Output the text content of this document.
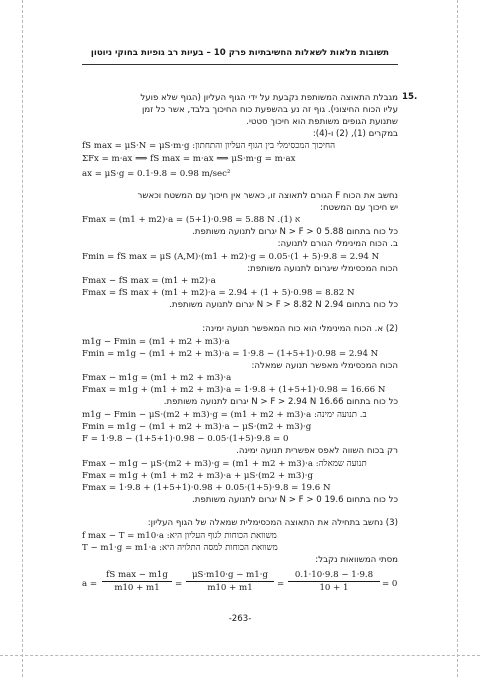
תשובות מלאות לשאלות החשיבתיות פרק 10 – בעיות רב גופיות בחוקי ניוטון
15.
מגבלת התאוצה המשותפת נקבעת על ידי הגוף העליון (הגוף שלא פועל
עליו הכוח החיצוני). גוף זה נע בהשפעת כוח החיכוך בלבד, אשר כל זמן
שתנועת הגופים משותפת הוא חיכוך סטטי.
במקרים (1), (2) ו-(4):
fS max = μS·N = μS·m·g :החיכוך המכסימלי בין הגוף העליון והתחתון
ΣFx = m·ax ⟹ fS max = m·ax ⟹ μS·m·g = m·ax
ax = μS·g = 0.1·9.8 = 0.98 m/sec²
נחשב את הכוח F הגורם לתאוצה זו, כאשר אין חיכוך עם המשטח וכאשר
יש חיכוך עם המשטח:
Fmax = (m1 + m2)·a = (5+1)·0.98 = 5.88 N .א (1)
כל כוח בתחום 5.88 N > F > 0 יגרום לתנועה משותפת.
ב. הכוח המינימלי הגורם לתנועה:
Fmin = fS max = μS (A,M)·(m1 + m2)·g = 0.05·(1 + 5)·9.8 = 2.94 N
הכוח המכסימלי שיגרום לתנועה משותפת:
Fmax − fS max = (m1 + m2)·a
Fmax = fS max + (m1 + m2)·a = 2.94 + (1 + 5)·0.98 = 8.82 N
כל כוח בתחום 2.94 N > F > 8.82 N יגרום לתנועה משותפת.
(2) א. הכוח המינימלי הוא כוח המאפשר תנועה ימינה:
m1g − Fmin = (m1 + m2 + m3)·a
Fmin = m1g − (m1 + m2 + m3)·a = 1·9.8 − (1+5+1)·0.98 = 2.94 N
הכוח המכסימלי מאפשר תנועה שמאלה:
Fmax − m1g = (m1 + m2 + m3)·a
Fmax = m1g + (m1 + m2 + m3)·a = 1·9.8 + (1+5+1)·0.98 = 16.66 N
כל כוח בתחום 16.66 N > F > 2.94 N יגרום לתנועה משותפת.
m1g − Fmin − μS·(m2 + m3)·g = (m1 + m2 + m3)·a :ב. תנועה ימינה
Fmin = m1g − (m1 + m2 + m3)·a − μS·(m2 + m3)·g
F = 1·9.8 − (1+5+1)·0.98 − 0.05·(1+5)·9.8 = 0
רק בכוח השווה לאפס אפשרית תנועה ימינה.
Fmax − m1g − μS·(m2 + m3)·g = (m1 + m2 + m3)·a :תנועה שמאלה
Fmax = m1g + (m1 + m2 + m3)·a + μS·(m2 + m3)·g
Fmax = 1·9.8 + (1+5+1)·0.98 + 0.05·(1+5)·9.8 = 19.6 N
כל כוח בתחום 19.6 N > F > 0 יגרום לתנועה משותפת.
(3) נחשב בתחילה את התאוצה המכסימלית שמאלה של הגוף העליון:
f max − T = m10·a :משוואת הכוחות לגוף העליון היא
T − m1·g = m1·a :משוואת הכוחות למסה התלויה היא
מסתי המשוואות נקבל:
a =
fS max − m1g
m10 + m1	=
μS·m10·g − m1·g
m10 + m1	=
0.1·10·9.8 − 1·9.8
10 + 1	= 0
-263-
